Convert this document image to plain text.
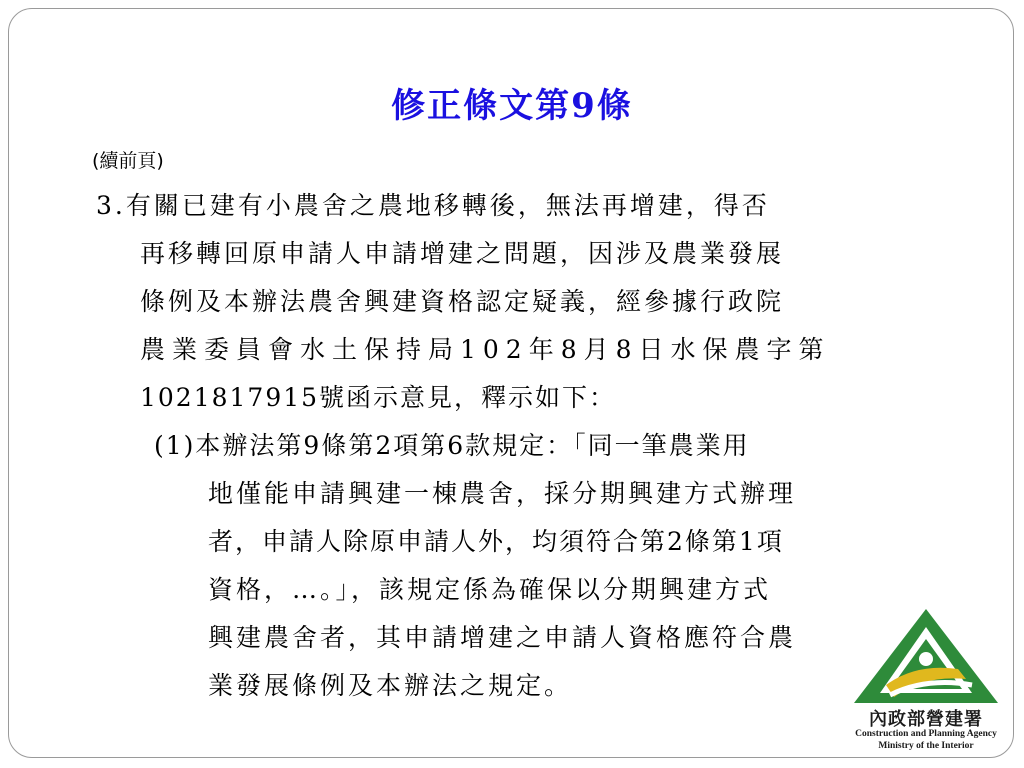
修正條文第9條
(續前頁)
3.有關已建有小農舍之農地移轉後，無法再增建，得否
再移轉回原申請人申請增建之問題，因涉及農業發展
條例及本辦法農舍興建資格認定疑義，經參據行政院
農業委員會水土保持局102年8月8日水保農字第
1021817915號函示意見，釋示如下：
(1)本辦法第9條第2項第6款規定：「同一筆農業用
地僅能申請興建一棟農舍，採分期興建方式辦理
者，申請人除原申請人外，均須符合第2條第1項
資格，…。」，該規定係為確保以分期興建方式
興建農舍者，其申請增建之申請人資格應符合農
業發展條例及本辦法之規定。
內政部營建署
Construction and Planning Agency
Ministry of the Interior
